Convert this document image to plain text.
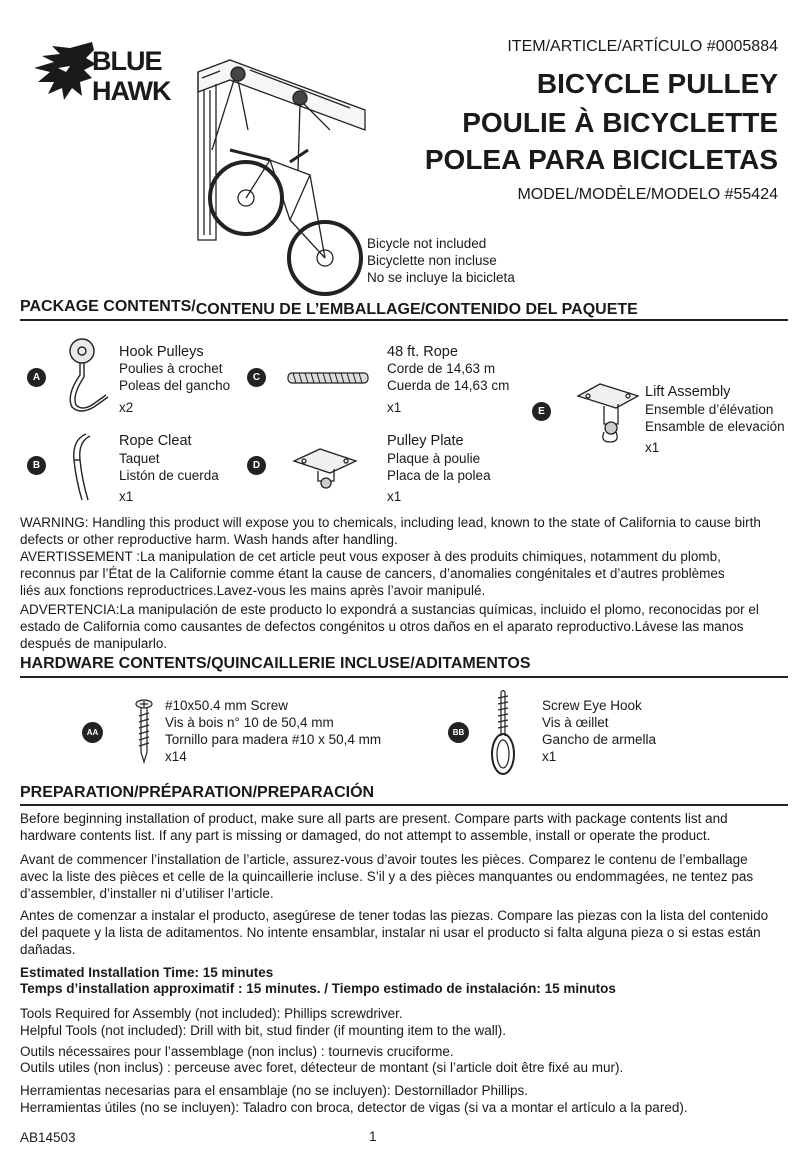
BLUE
HAWK
ITEM/ARTICLE/ARTÍCULO #0005884
BICYCLE PULLEY
POULIE À BICYCLETTE
POLEA PARA BICICLETAS
MODEL/MODÈLE/MODELO #55424
Bicycle not included
Bicyclette non incluse
No se incluye la bicicleta
PACKAGE CONTENTS/CONTENU DE L’EMBALLAGE/CONTENIDO DEL PAQUETE
A
Hook Pulleys
Poulies à crochet
Poleas del gancho
x2
B
Rope Cleat
Taquet
Listón de cuerda
x1
C
48 ft. Rope
Corde de 14,63 m
Cuerda de 14,63 cm
x1
D
Pulley Plate
Plaque à poulie
Placa de la polea
x1
E
Lift Assembly
Ensemble d’élévation
Ensamble de elevación
x1
WARNING: Handling this product will expose you to chemicals, including lead, known to the state of California to cause birth
defects or other reproductive harm. Wash hands after handling.
AVERTISSEMENT :La manipulation de cet article peut vous exposer à des produits chimiques, notamment du plomb,
reconnus par l’État de la Californie comme étant la cause de cancers, d’anomalies congénitales et d’autres problèmes
liés aux fonctions reproductrices.Lavez-vous les mains après l’avoir manipulé.
ADVERTENCIA:La manipulación de este producto lo expondrá a sustancias químicas, incluido el plomo, reconocidas por el
estado de California como causantes de defectos congénitos u otros daños en el aparato reproductivo.Lávese las manos
después de manipularlo.
HARDWARE CONTENTS/QUINCAILLERIE INCLUSE/ADITAMENTOS
AA
#10x50.4 mm Screw
Vis à bois n° 10 de 50,4 mm
Tornillo para madera #10 x 50,4 mm
x14
BB
Screw Eye Hook
Vis à œillet
Gancho de armella
x1
PREPARATION/PRÉPARATION/PREPARACIÓN
Before beginning installation of product, make sure all parts are present. Compare parts with package contents list and
hardware contents list. If any part is missing or damaged, do not attempt to assemble, install or operate the product.
Avant de commencer l’installation de l’article, assurez-vous d’avoir toutes les pièces. Comparez le contenu de l’emballage
avec la liste des pièces et celle de la quincaillerie incluse. S’il y a des pièces manquantes ou endommagées, ne tentez pas
d’assembler, d’installer ni d’utiliser l’article.
Antes de comenzar a instalar el producto, asegúrese de tener todas las piezas. Compare las piezas con la lista del contenido
del paquete y la lista de aditamentos. No intente ensamblar, instalar ni usar el producto si falta alguna pieza o si estas están
dañadas.
Estimated Installation Time: 15 minutes
Temps d’installation approximatif : 15 minutes. / Tiempo estimado de instalación: 15 minutos
Tools Required for Assembly (not included): Phillips screwdriver.
Helpful Tools (not included): Drill with bit, stud finder (if mounting item to the wall).
Outils nécessaires pour l’assemblage (non inclus) : tournevis cruciforme.
Outils utiles (non inclus) : perceuse avec foret, détecteur de montant (si l’article doit être fixé au mur).
Herramientas necesarias para el ensamblaje (no se incluyen): Destornillador Phillips.
Herramientas útiles (no se incluyen): Taladro con broca, detector de vigas (si va a montar el artículo a la pared).
AB14503	1
